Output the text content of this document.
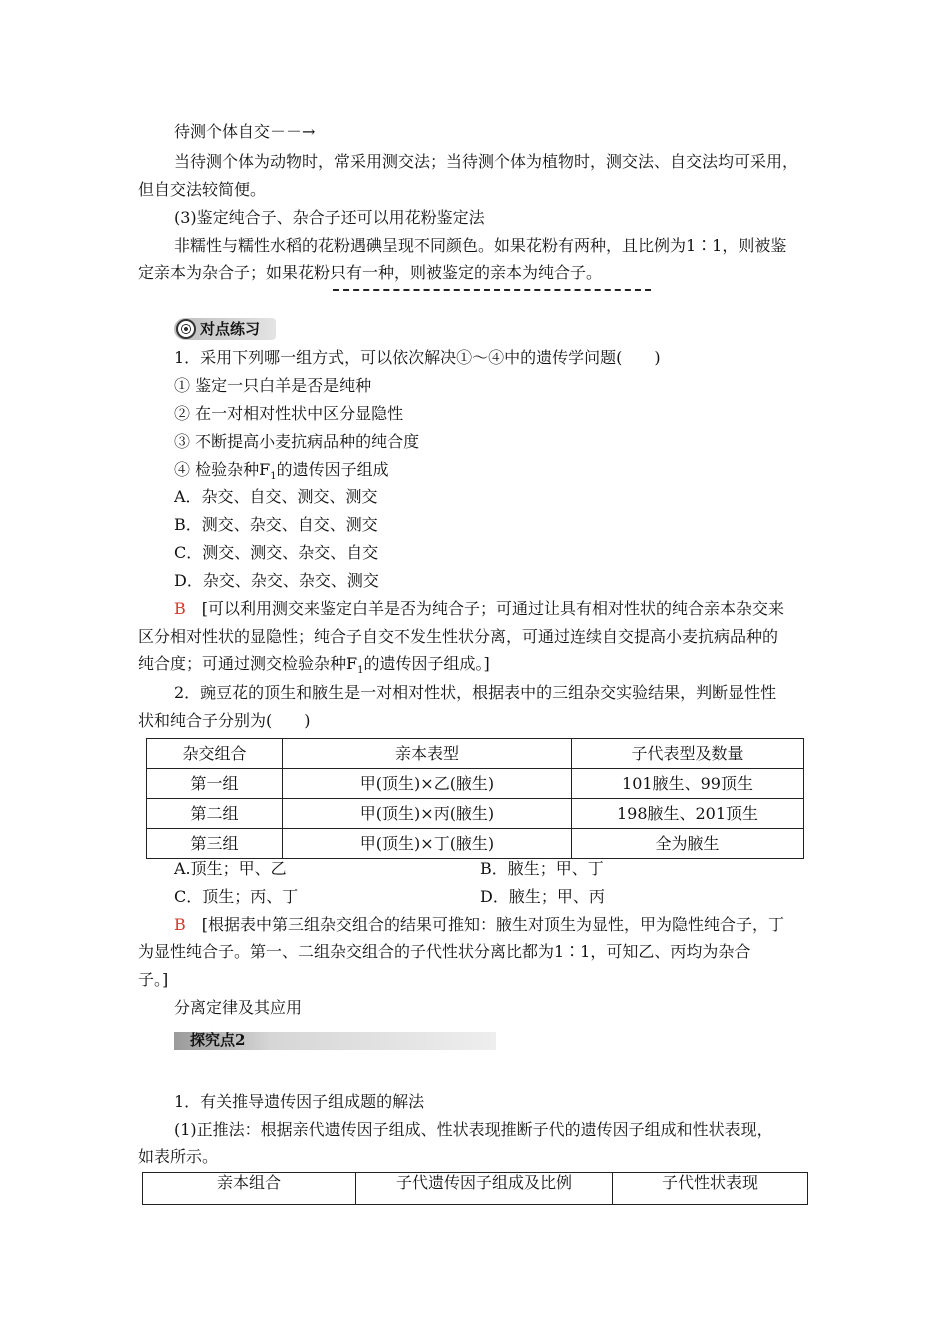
待测个体自交－－→
当待测个体为动物时，常采用测交法；当待测个体为植物时，测交法、自交法均可采用，
但自交法较简便。
(3)鉴定纯合子、杂合子还可以用花粉鉴定法
非糯性与糯性水稻的花粉遇碘呈现不同颜色。如果花粉有两种，且比例为1∶1，则被鉴
定亲本为杂合子；如果花粉只有一种，则被鉴定的亲本为纯合子。
对点练习
1．采用下列哪一组方式，可以依次解决①～④中的遗传学问题(　　)
① 鉴定一只白羊是否是纯种
② 在一对相对性状中区分显隐性
③ 不断提高小麦抗病品种的纯合度
④ 检验杂种$F_1$的遗传因子组成
A．杂交、自交、测交、测交
B．测交、杂交、自交、测交
C．测交、测交、杂交、自交
D．杂交、杂交、杂交、测交
B　 [可以利用测交来鉴定白羊是否为纯合子；可通过让具有相对性状的纯合亲本杂交来
区分相对性状的显隐性；纯合子自交不发生性状分离，可通过连续自交提高小麦抗病品种的
纯合度；可通过测交检验杂种$F_1$的遗传因子组成。]
2．豌豆花的顶生和腋生是一对相对性状，根据表中的三组杂交实验结果，判断显性性
状和纯合子分别为(　　)
杂交组合	亲本表型	子代表型及数量
第一组	甲(顶生)×乙(腋生)	101腋生、99顶生
第二组	甲(顶生)×丙(腋生)	198腋生、201顶生
第三组	甲(顶生)×丁(腋生)	全为腋生
A.顶生；甲、乙	B．腋生；甲、丁
C．顶生；丙、丁	D．腋生；甲、丙
B　 [根据表中第三组杂交组合的结果可推知：腋生对顶生为显性，甲为隐性纯合子，丁
为显性纯合子。第一、二组杂交组合的子代性状分离比都为1∶1，可知乙、丙均为杂合
子。]
分离定律及其应用
探究点2
1．有关推导遗传因子组成题的解法
(1)正推法：根据亲代遗传因子组成、性状表现推断子代的遗传因子组成和性状表现，
如表所示。
亲本组合	子代遗传因子组成及比例	子代性状表现
